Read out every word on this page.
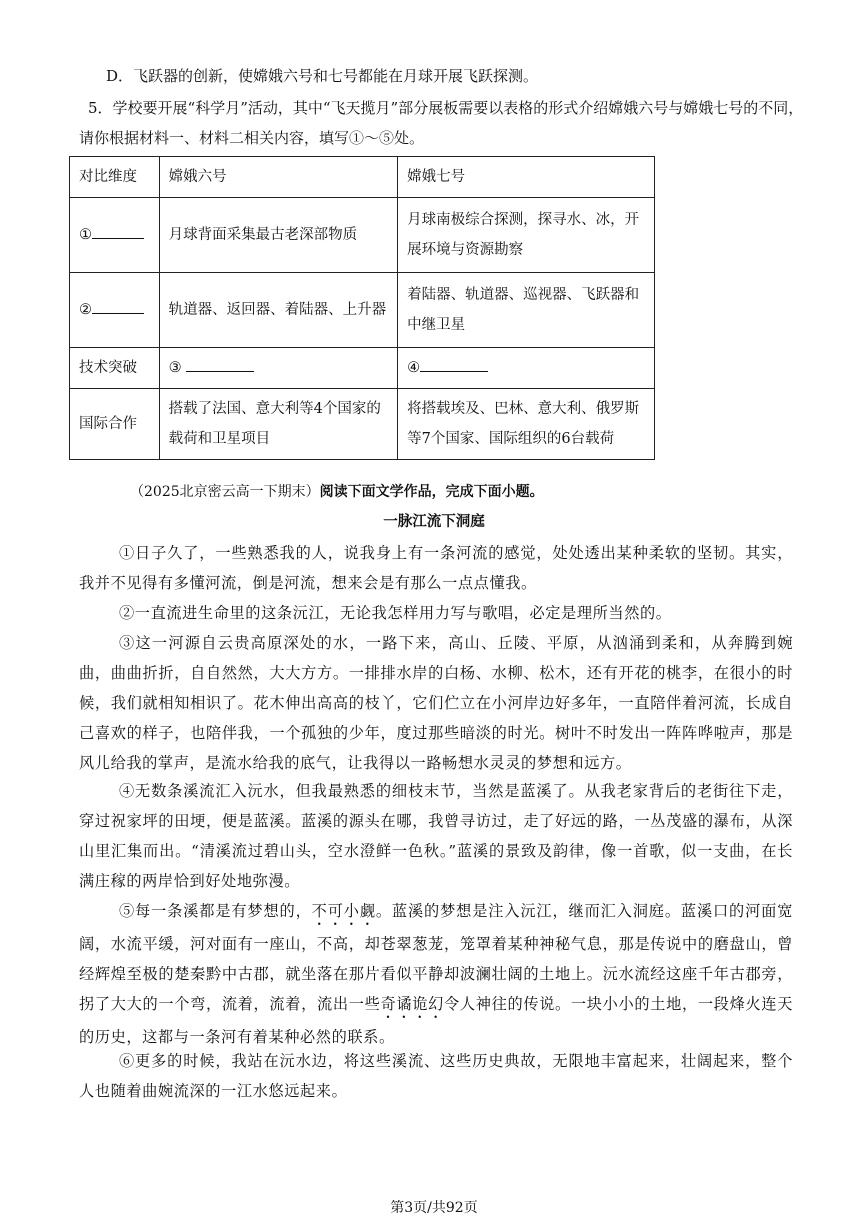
D．飞跃器的创新，使嫦娥六号和七号都能在月球开展飞跃探测。
5．学校要开展“科学月”活动，其中“飞天揽月”部分展板需要以表格的形式介绍嫦娥六号与嫦娥七号的不同，
请你根据材料一、材料二相关内容，填写①～⑤处。
对比维度	嫦娥六号	嫦娥七号
①	月球背面采集最古老深部物质	月球南极综合探测，探寻水、冰，开展环境与资源勘察
②	轨道器、返回器、着陆器、上升器	着陆器、轨道器、巡视器、飞跃器和中继卫星
技术突破	③	④
国际合作	搭载了法国、意大利等4个国家的载荷和卫星项目	将搭载埃及、巴林、意大利、俄罗斯等7个国家、国际组织的6台载荷
（2025北京密云高一下期末）阅读下面文学作品，完成下面小题。
一脉江流下洞庭

①日子久了，一些熟悉我的人，说我身上有一条河流的感觉，处处透出某种柔软的坚韧。其实，我并不见得有多懂河流，倒是河流，想来会是有那么一点点懂我。

②一直流进生命里的这条沅江，无论我怎样用力写与歌唱，必定是理所当然的。

③这一河源自云贵高原深处的水，一路下来，高山、丘陵、平原，从汹涌到柔和，从奔腾到婉曲，曲曲折折，自自然然，大大方方。一排排水岸的白杨、水柳、松木，还有开花的桃李，在很小的时候，我们就相知相识了。花木伸出高高的枝丫，它们伫立在小河岸边好多年，一直陪伴着河流，长成自己喜欢的样子，也陪伴我，一个孤独的少年，度过那些暗淡的时光。树叶不时发出一阵阵哗啦声，那是风儿给我的掌声，是流水给我的底气，让我得以一路畅想水灵灵的梦想和远方。

④无数条溪流汇入沅水，但我最熟悉的细枝末节，当然是蓝溪了。从我老家背后的老街往下走，穿过祝家坪的田埂，便是蓝溪。蓝溪的源头在哪，我曾寻访过，走了好远的路，一丛茂盛的瀑布，从深山里汇集而出。“清溪流过碧山头，空水澄鲜一色秋。”蓝溪的景致及韵律，像一首歌，似一支曲，在长满庄稼的两岸恰到好处地弥漫。

⑤每一条溪都是有梦想的，不可小觑。蓝溪的梦想是注入沅江，继而汇入洞庭。蓝溪口的河面宽阔，水流平缓，河对面有一座山，不高，却苍翠葱茏，笼罩着某种神秘气息，那是传说中的磨盘山，曾经辉煌至极的楚秦黔中古郡，就坐落在那片看似平静却波澜壮阔的土地上。沅水流经这座千年古郡旁，拐了大大的一个弯，流着，流着，流出一些奇谲诡幻令人神往的传说。一块小小的土地，一段烽火连天的历史，这都与一条河有着某种必然的联系。

⑥更多的时候，我站在沅水边，将这些溪流、这些历史典故，无限地丰富起来，壮阔起来，整个人也随着曲婉流深的一江水悠远起来。

第3页/共92页
